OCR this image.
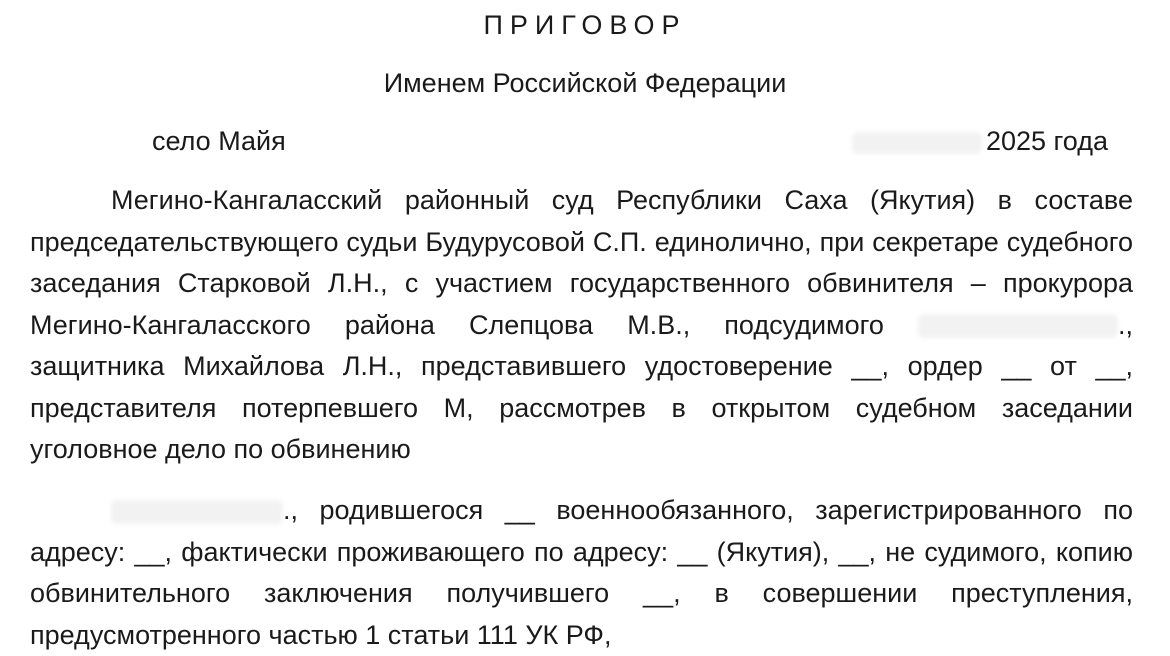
ПРИГОВОР
Именем Российской Федерации
село Майя	2025 года

Мегино-Кангаласский районный суд Республики Саха (Якутия) в составе председательствующего судьи Будурусовой С.П. единолично, при секретаре судебного заседания Старковой Л.Н., с участием государственного обвинителя – прокурора Мегино-Кангаласского района Слепцова М.В., подсудимого	., защитника Михайлова Л.Н., представившего удостоверение __, ордер __ от __, представителя потерпевшего М, рассмотрев в открытом судебном заседании уголовное дело по обвинению

., родившегося __ военнообязанного, зарегистрированного по адресу: __, фактически проживающего по адресу: __ (Якутия), __, не судимого, копию обвинительного заключения получившего __, в совершении преступления, предусмотренного частью 1 статьи 111 УК РФ,
